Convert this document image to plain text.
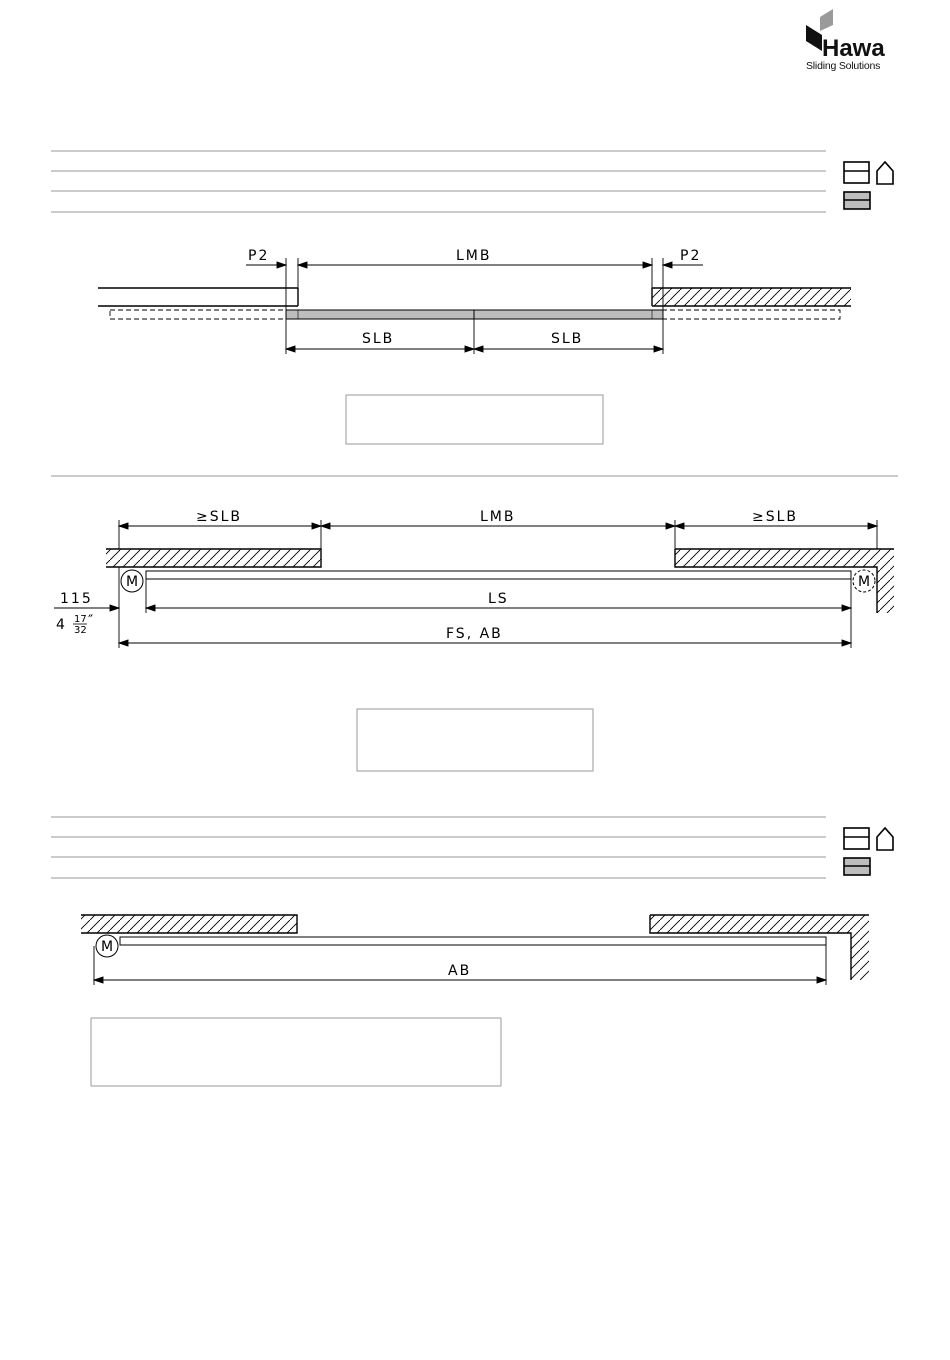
Hawa
Sliding Solutions
P2	LMB	P2
SLB	SLB
≥SLB	LMB	≥SLB
M	M
LS
115
4 17
32
″
FS, AB
M
AB
